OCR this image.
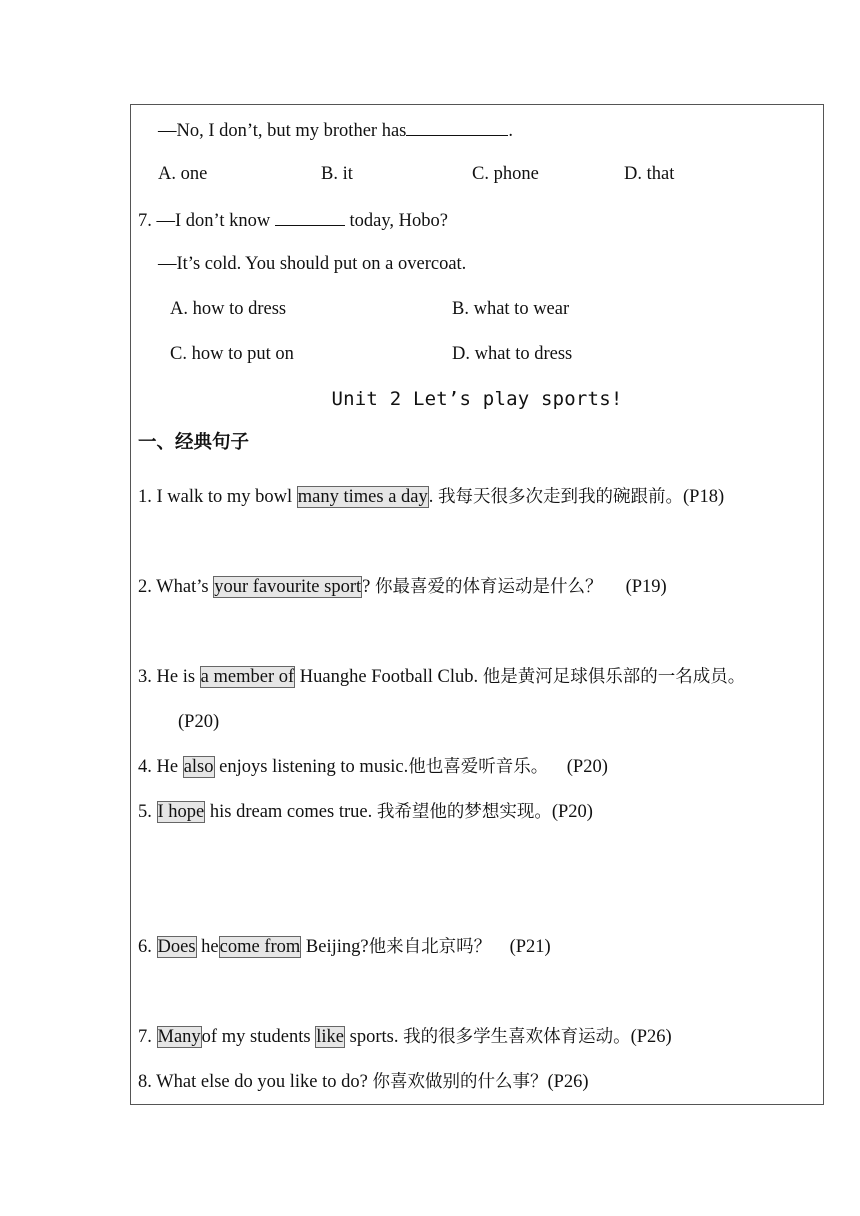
—No, I don’t, but my brother has	.
A. one	B. it	C. phone	D. that
7. —I don’t know	today, Hobo?
—It’s cold. You should put on a overcoat.
A. how to dress	B. what to wear
C. how to put on	D. what to dress
Unit 2 Let’s play sports!
一、经典句子
1. I walk to my bowl many times a day. 我每天很多次走到我的碗跟前。(P18)
2. What’s your favourite sport? 你最喜爱的体育运动是什么？ (P19)
3. He is a member of Huanghe Football Club. 他是黄河足球俱乐部的一名成员。
(P20)
4. He also enjoys listening to music.他也喜爱听音乐。 (P20)
5. I hope his dream comes true. 我希望他的梦想实现。(P20)
6. Does hecome from Beijing?他来自北京吗？ (P21)
7. Manyof my students like sports. 我的很多学生喜欢体育运动。(P26)
8. What else do you like to do? 你喜欢做别的什么事？(P26)
